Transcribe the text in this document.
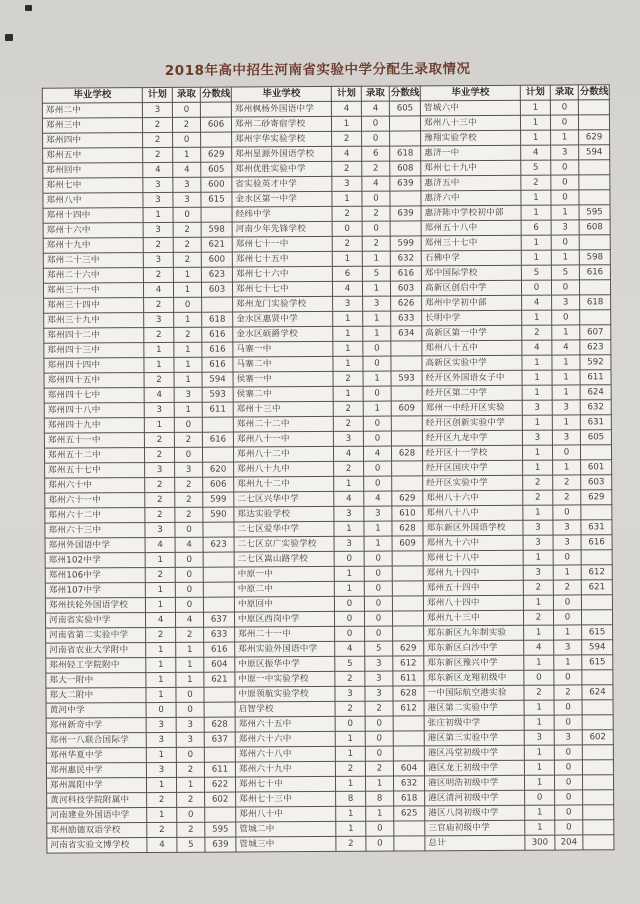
2018年高中招生河南省实验中学分配生录取情况
毕业学校	计划	录取	分数线	毕业学校	计划	录取	分数线	毕业学校	计划	录取	分数线
郑州二中	3	0		郑州枫杨外国语中学	4	4	605	管城六中	1	0	
郑州三中	2	2	606	郑州二砂寄宿学校	1	0		郑州八十三中	1	0	
郑州四中	2	0		郑州宇华实验学校	2	0		豫翔实验学校	1	1	629
郑州五中	2	1	629	郑州星源外国语学校	4	6	618	惠济一中	4	3	594
郑州回中	4	4	605	郑州优胜实验中学	2	2	608	郑州七十九中	5	0	
郑州七中	3	3	600	省实验英才中学	3	4	639	惠济五中	2	0	
郑州八中	3	3	615	金水区第一中学	1	0		惠济六中	1	0	
郑州十四中	1	0		经纬中学	2	2	639	惠济陈中学校初中部	1	1	595
郑州十六中	3	2	598	河南少年先锋学校	0	0		郑州五十八中	6	3	608
郑州十九中	2	2	621	郑州七十一中	2	2	599	郑州三十七中	1	0	
郑州二十三中	3	2	600	郑州七十五中	1	1	632	石佛中学	1	1	598
郑州二十六中	2	1	623	郑州七十六中	6	5	616	郑中国际学校	5	5	616
郑州三十一中	4	1	603	郑州七十七中	4	1	603	高新区创启中学	0	0	
郑州三十四中	2	0		郑州龙门实验学校	3	3	626	郑州中学初中部	4	3	618
郑州三十九中	3	1	618	金水区惠贤中学	1	1	633	长明中学	1	0	
郑州四十二中	2	2	616	金水区硕爵学校	1	1	634	高新区第一中学	2	1	607
郑州四十三中	1	1	616	马寨一中	1	0		郑州八十五中	4	4	623
郑州四十四中	1	1	616	马寨二中	1	0		高新区实验中学	1	1	592
郑州四十五中	2	1	594	侯寨一中	2	1	593	经开区外国语女子中	1	1	611
郑州四十七中	4	3	593	侯寨二中	1	0		经开区第二中学	1	1	624
郑州四十八中	3	1	611	郑州十三中	2	1	609	郑州一中经开区实验	3	3	632
郑州四十九中	1	0		郑州二十二中	2	0		经开区创新实验中学	1	1	631
郑州五十一中	2	2	616	郑州八十一中	3	0		经开区九龙中学	3	3	605
郑州五十二中	2	0		郑州八十二中	4	4	628	经开区十一学校	1	0	
郑州五十七中	3	3	620	郑州八十九中	2	0		经开区国庆中学	1	1	601
郑州六十中	2	2	606	郑州九十二中	1	0		经开区实验中学	2	2	603
郑州六十一中	2	2	599	二七区兴华中学	4	4	629	郑州八十六中	2	2	629
郑州六十二中	2	2	590	郑达实验学校	3	3	610	郑州八十八中	1	0	
郑州六十三中	3	0		二七区爱华中学	1	1	628	郑东新区外国语学校	3	3	631
郑州外国语中学	4	4	623	二七区京广实验学校	3	1	609	郑州九十六中	3	3	616
郑州102中学	1	0		二七区嵩山路学校	0	0		郑州七十八中	1	0	
郑州106中学	2	0		中原一中	1	0		郑州九十四中	3	1	612
郑州107中学	1	0		中原二中	1	0		郑州五十四中	2	2	621
郑州扶轮外国语学校	1	0		中原回中	0	0		郑州八十四中	1	0	
河南省实验中学	4	4	637	中原区西岗中学	0	0		郑州九十三中	2	0	
河南省第二实验中学	2	2	633	郑州二十一中	0	0		郑东新区九年制实验	1	1	615
河南省农业大学附中	1	1	616	郑州实验外国语中学	4	5	629	郑东新区白沙中学	4	3	594
郑州轻工学院附中	1	1	604	中原区振华中学	5	3	612	郑东新区豫兴中学	1	1	615
郑大一附中	1	1	621	中原一中实验学校	2	3	611	郑东新区龙翔初级中	0	0	
郑大二附中	1	0		中原领航实验学校	3	3	628	一中国际航空港实验	2	2	624
黄河中学	0	0		启智学校	2	2	612	港区第二实验中学	1	0	
郑州新奇中学	3	3	628	郑州六十五中	0	0		张庄初级中学	1	0	
郑州一八联合国际学	3	3	637	郑州六十六中	1	0		港区第三实验中学	3	3	602
郑州华夏中学	1	0		郑州六十八中	1	0		港区冯堂初级中学	1	0	
郑州惠民中学	3	2	611	郑州六十九中	2	2	604	港区龙王初级中学	1	0	
郑州嵩阳中学	1	1	622	郑州七十中	1	1	632	港区明浩初级中学	1	0	
黄河科技学院附属中	2	2	602	郑州七十三中	8	8	618	港区清河初级中学	0	0	
河南建业外国语中学	1	0		郑州八十中	1	1	625	港区八岗初级中学	1	0	
郑州励德双语学校	2	2	595	管城二中	1	0		三官庙初级中学	1	0	
河南省实验文博学校	4	5	639	管城三中	2	0		总计	300	204	
